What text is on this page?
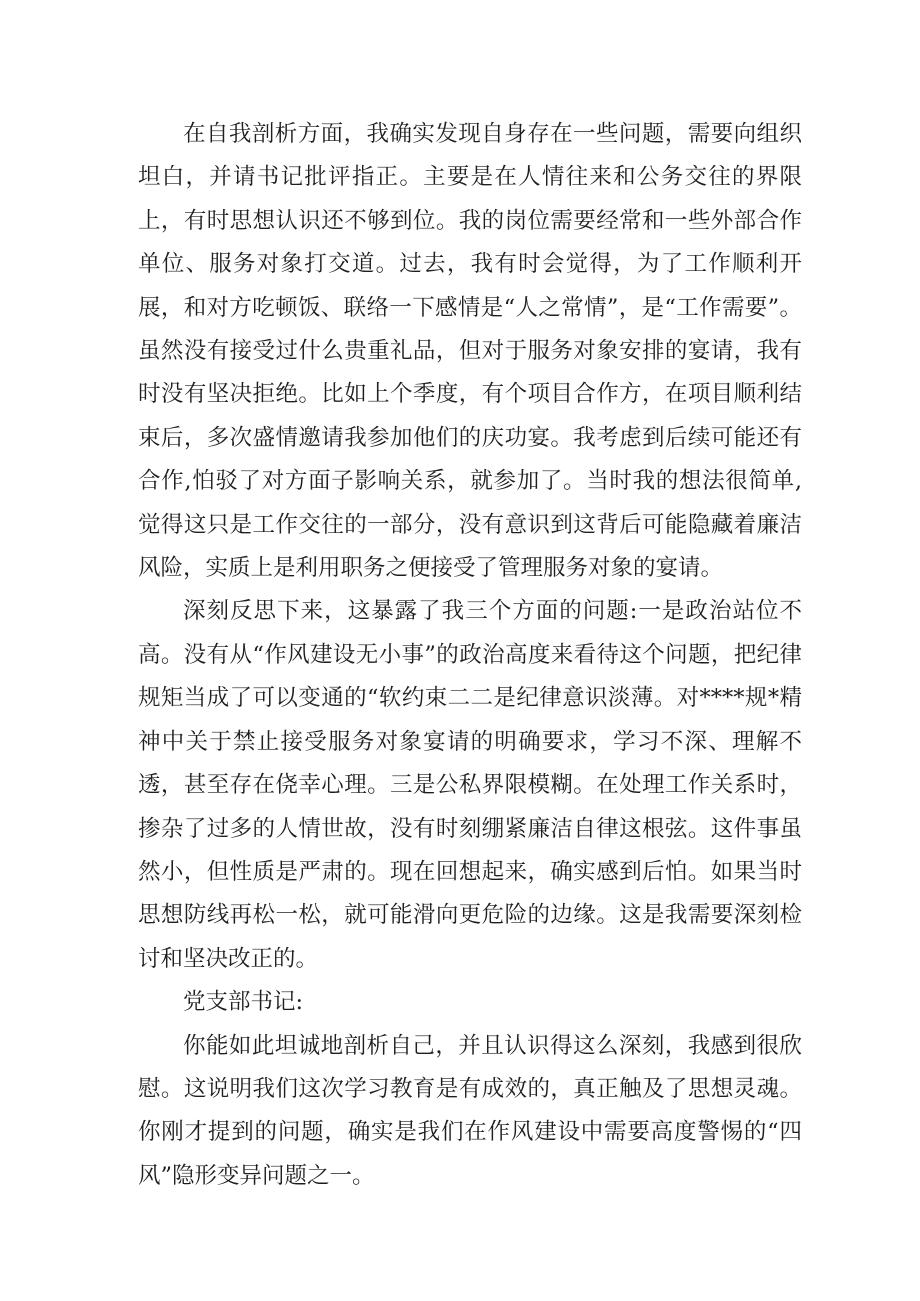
在自我剖析方面，我确实发现自身存在一些问题，需要向组织坦白，并请书记批评指正。主要是在人情往来和公务交往的界限上，有时思想认识还不够到位。我的岗位需要经常和一些外部合作单位、服务对象打交道。过去，我有时会觉得，为了工作顺利开展，和对方吃顿饭、联络一下感情是“人之常情”，是“工作需要”。虽然没有接受过什么贵重礼品，但对于服务对象安排的宴请，我有时没有坚决拒绝。比如上个季度，有个项目合作方，在项目顺利结束后，多次盛情邀请我参加他们的庆功宴。我考虑到后续可能还有合作,怕驳了对方面子影响关系，就参加了。当时我的想法很简单,觉得这只是工作交往的一部分，没有意识到这背后可能隐藏着廉洁风险，实质上是利用职务之便接受了管理服务对象的宴请。

深刻反思下来，这暴露了我三个方面的问题:一是政治站位不高。没有从“作风建设无小事”的政治高度来看待这个问题，把纪律规矩当成了可以变通的“软约束二二是纪律意识淡薄。对****规*精神中关于禁止接受服务对象宴请的明确要求，学习不深、理解不透，甚至存在侥幸心理。三是公私界限模糊。在处理工作关系时，掺杂了过多的人情世故，没有时刻绷紧廉洁自律这根弦。这件事虽然小，但性质是严肃的。现在回想起来，确实感到后怕。如果当时思想防线再松一松，就可能滑向更危险的边缘。这是我需要深刻检讨和坚决改正的。

党支部书记:

你能如此坦诚地剖析自己，并且认识得这么深刻，我感到很欣慰。这说明我们这次学习教育是有成效的，真正触及了思想灵魂。你刚才提到的问题，确实是我们在作风建设中需要高度警惕的“四风”隐形变异问题之一。
